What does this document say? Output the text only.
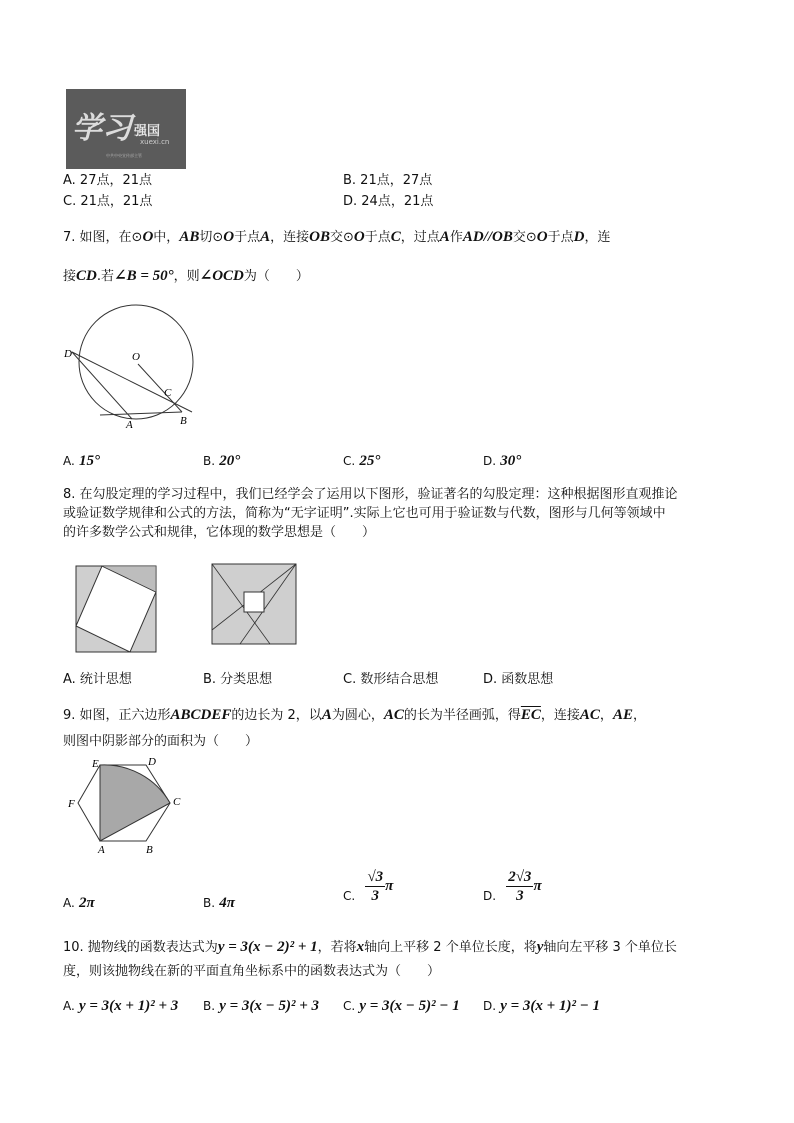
学习 强国
xuexi.cn
中共中央宣传部主管
A. 27点，21点	B. 21点，27点
C. 21点，21点	D. 24点，21点
7. 如图，在⊙O中，AB切⊙O于点A，连接OB交⊙O于点C，过点A作AD//OB交⊙O于点D，连
接CD.若∠B = 50°，则∠OCD为（　　）
D	O
C
A	B
A. 15°	B. 20°	C. 25°	D. 30°
8. 在勾股定理的学习过程中，我们已经学会了运用以下图形，验证著名的勾股定理：这种根据图形直观推论
或验证数学规律和公式的方法，简称为“无字证明”.实际上它也可用于验证数与代数，图形与几何等领域中
的许多数学公式和规律，它体现的数学思想是（　　）
A. 统计思想	B. 分类思想	C. 数形结合思想	D. 函数思想
9. 如图，正六边形ABCDEF的边长为 2，以A为圆心，AC的长为半径画弧，得$\overline{EC}$，连接AC，AE，
则图中阴影部分的面积为（　　）
E	D
F	C
A	B
A. 2π	B. 4π	C. $\frac{√3}{3}$ π
D. $\frac{2√3}{3}$ π
10. 抛物线的函数表达式为y = 3(x − 2)² + 1，若将x轴向上平移 2 个单位长度，将y轴向左平移 3 个单位长
度，则该抛物线在新的平面直角坐标系中的函数表达式为（　　）
A. y = 3(x + 1)² + 3 B. y = 3(x − 5)² + 3 C. y = 3(x − 5)² − 1 D. y = 3(x + 1)² − 1
